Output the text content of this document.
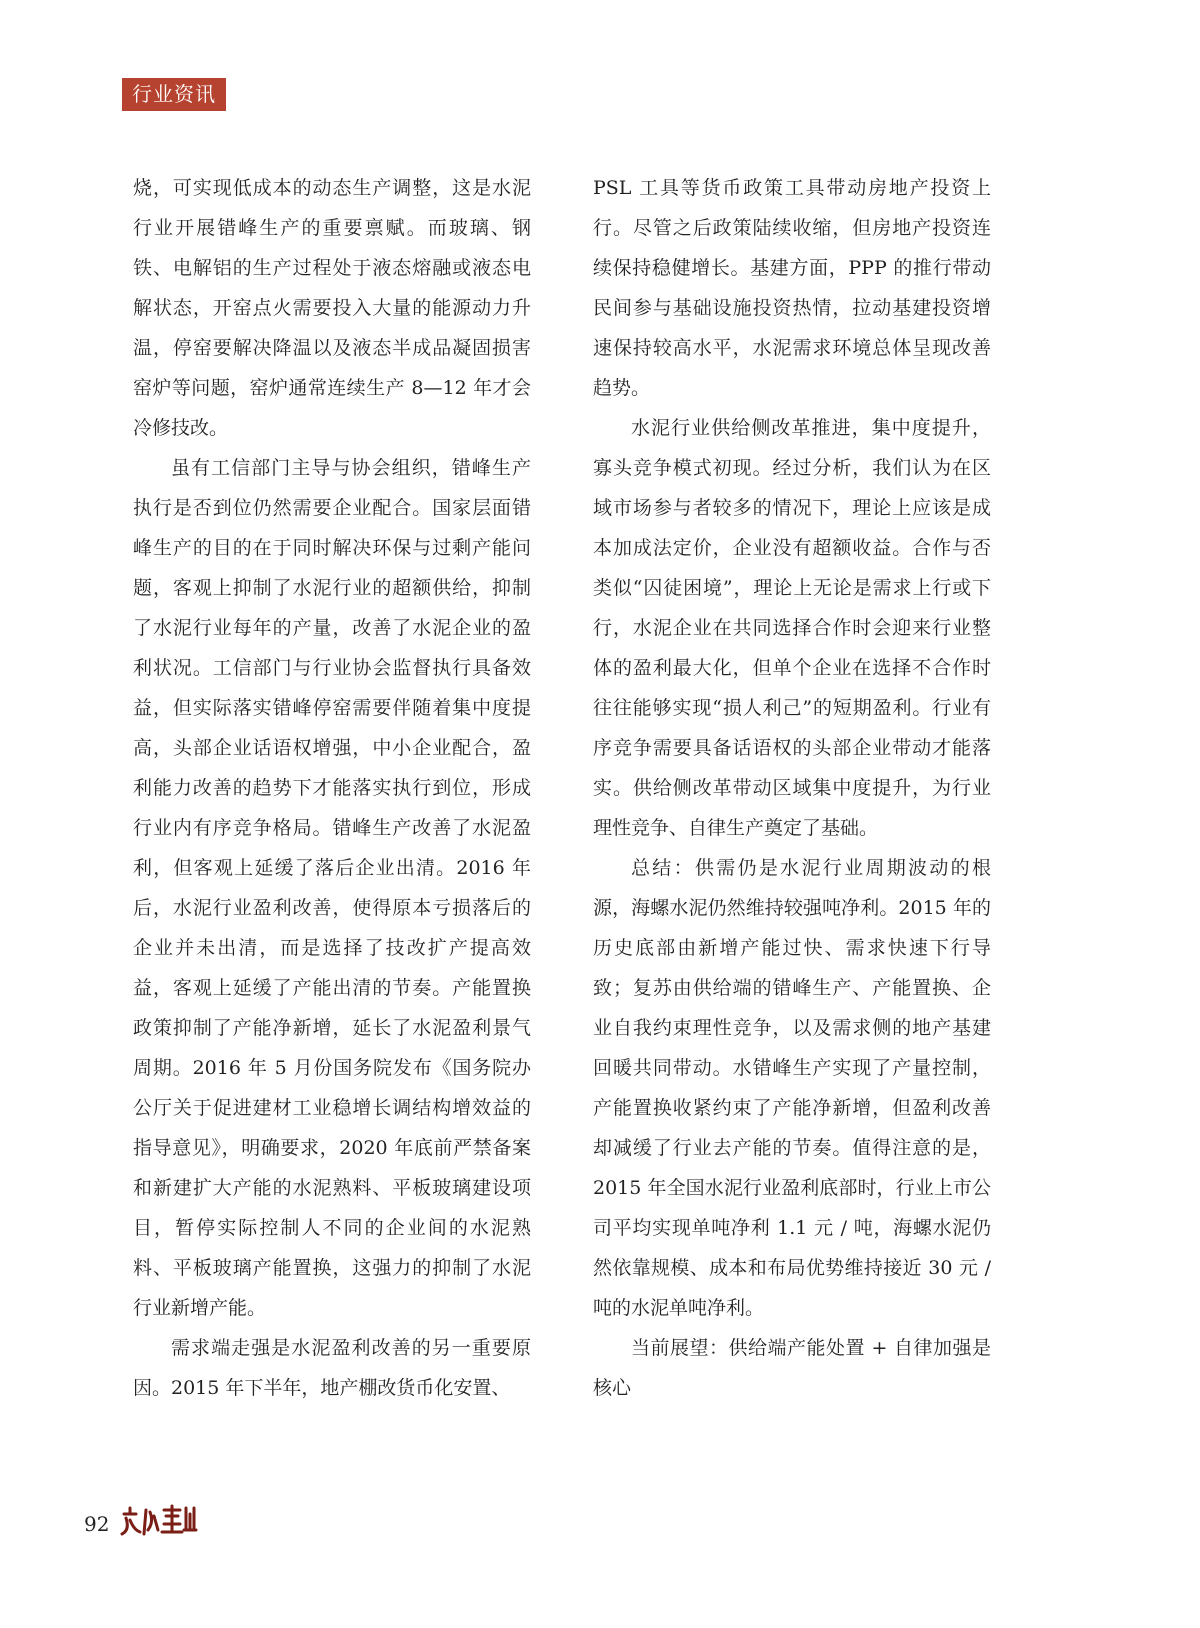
行业资讯

烧，可实现低成本的动态生产调整，这是水泥行业开展错峰生产的重要禀赋。而玻璃、钢铁、电解铝的生产过程处于液态熔融或液态电解状态，开窑点火需要投入大量的能源动力升温，停窑要解决降温以及液态半成品凝固损害窑炉等问题，窑炉通常连续生产 8—12 年才会冷修技改。

虽有工信部门主导与协会组织，错峰生产执行是否到位仍然需要企业配合。国家层面错峰生产的目的在于同时解决环保与过剩产能问题，客观上抑制了水泥行业的超额供给，抑制了水泥行业每年的产量，改善了水泥企业的盈利状况。工信部门与行业协会监督执行具备效益，但实际落实错峰停窑需要伴随着集中度提高，头部企业话语权增强，中小企业配合，盈利能力改善的趋势下才能落实执行到位，形成行业内有序竞争格局。错峰生产改善了水泥盈利，但客观上延缓了落后企业出清。2016 年后，水泥行业盈利改善，使得原本亏损落后的企业并未出清，而是选择了技改扩产提高效益，客观上延缓了产能出清的节奏。产能置换政策抑制了产能净新增，延长了水泥盈利景气周期。2016 年 5 月份国务院发布《国务院办公厅关于促进建材工业稳增长调结构增效益的指导意见》，明确要求，2020 年底前严禁备案和新建扩大产能的水泥熟料、平板玻璃建设项目，暂停实际控制人不同的企业间的水泥熟料、平板玻璃产能置换，这强力的抑制了水泥行业新增产能。

需求端走强是水泥盈利改善的另一重要原因。2015 年下半年，地产棚改货币化安置、

PSL 工具等货币政策工具带动房地产投资上行。尽管之后政策陆续收缩，但房地产投资连续保持稳健增长。基建方面，PPP 的推行带动民间参与基础设施投资热情，拉动基建投资增速保持较高水平，水泥需求环境总体呈现改善趋势。

水泥行业供给侧改革推进，集中度提升，寡头竞争模式初现。经过分析，我们认为在区域市场参与者较多的情况下，理论上应该是成本加成法定价，企业没有超额收益。合作与否类似“囚徒困境”，理论上无论是需求上行或下行，水泥企业在共同选择合作时会迎来行业整体的盈利最大化，但单个企业在选择不合作时往往能够实现“损人利己”的短期盈利。行业有序竞争需要具备话语权的头部企业带动才能落实。供给侧改革带动区域集中度提升，为行业理性竞争、自律生产奠定了基础。

总结：供需仍是水泥行业周期波动的根源，海螺水泥仍然维持较强吨净利。2015 年的历史底部由新增产能过快、需求快速下行导致；复苏由供给端的错峰生产、产能置换、企业自我约束理性竞争，以及需求侧的地产基建回暖共同带动。水错峰生产实现了产量控制，产能置换收紧约束了产能净新增，但盈利改善却减缓了行业去产能的节奏。值得注意的是，2015 年全国水泥行业盈利底部时，行业上市公司平均实现单吨净利 1.1 元 / 吨，海螺水泥仍然依靠规模、成本和布局优势维持接近 30 元 / 吨的水泥单吨净利。

当前展望：供给端产能处置 + 自律加强是核心

92
